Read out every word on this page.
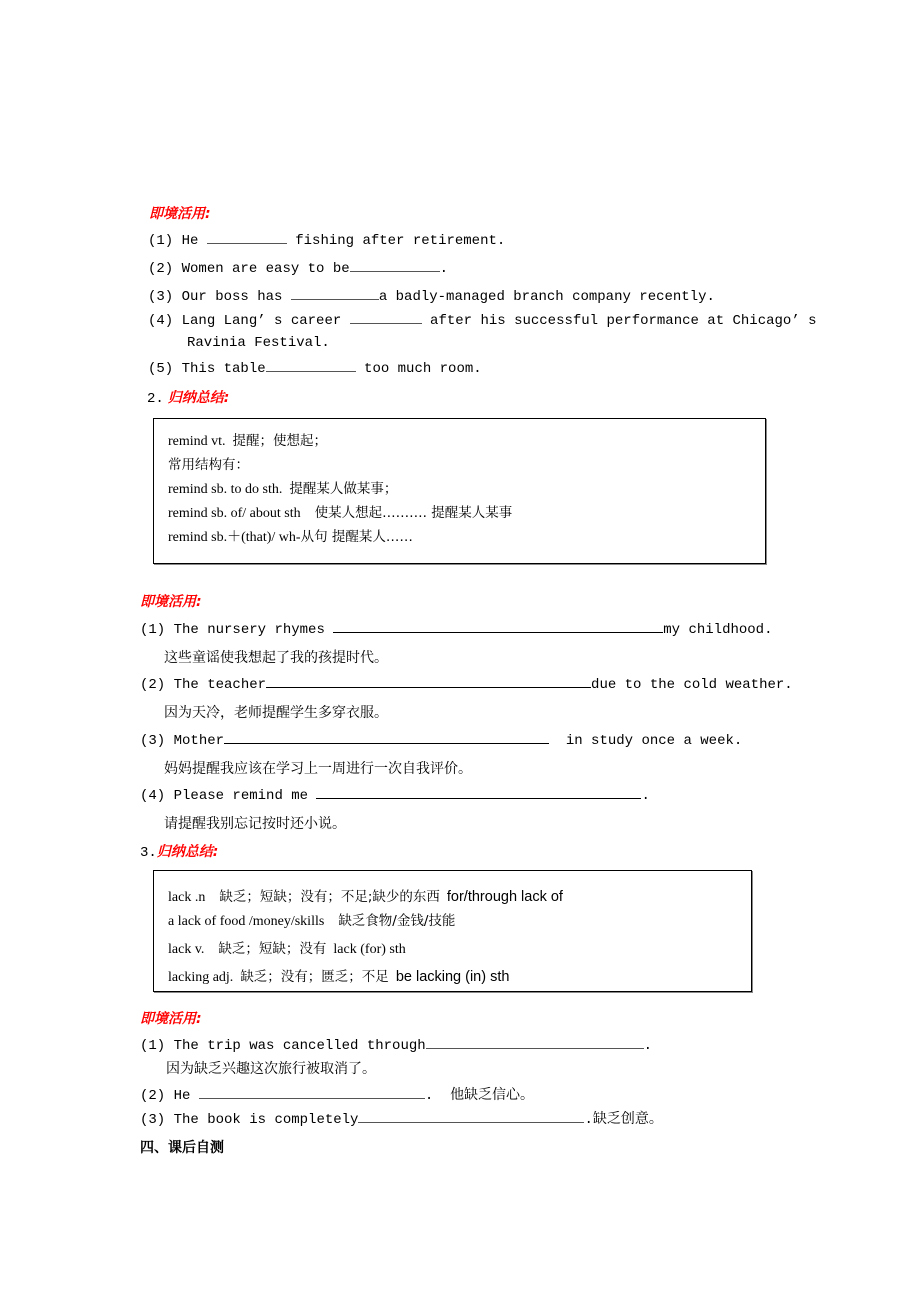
即境活用:
(1) He	fishing after retirement.
(2) Women are easy to be	.
(3) Our boss has	a badly-managed branch company recently.
(4) Lang Lang’ s career	after his successful performance at Chicago’ s
Ravinia Festival.
(5) This table	too much room.
2. 归纳总结:
remind vt. 提醒；使想起；
常用结构有：
remind sb. to do sth. 提醒某人做某事；
remind sb. of/ about sth 使某人想起………. 提醒某人某事
remind sb.＋(that)/ wh-从句 提醒某人……
即境活用:
(1) The nursery rhymes	my childhood.
这些童谣使我想起了我的孩提时代。
(2) The teacher	due to the cold weather.
因为天冷，老师提醒学生多穿衣服。
(3) Mother	in study once a week.
妈妈提醒我应该在学习上一周进行一次自我评价。
(4) Please remind me	.
请提醒我别忘记按时还小说。
3.归纳总结:
lack .n 缺乏；短缺；没有；不足;缺少的东西 for/through lack of
a lack of food /money/skills 缺乏食物/金钱/技能
lack v. 缺乏；短缺；没有 lack (for) sth
lacking adj. 缺乏；没有；匮乏；不足 be lacking (in) sth
即境活用:
(1) The trip was cancelled through	.
因为缺乏兴趣这次旅行被取消了。
(2) He	. 他缺乏信心。
(3) The book is completely	.缺乏创意。
四、课后自测
